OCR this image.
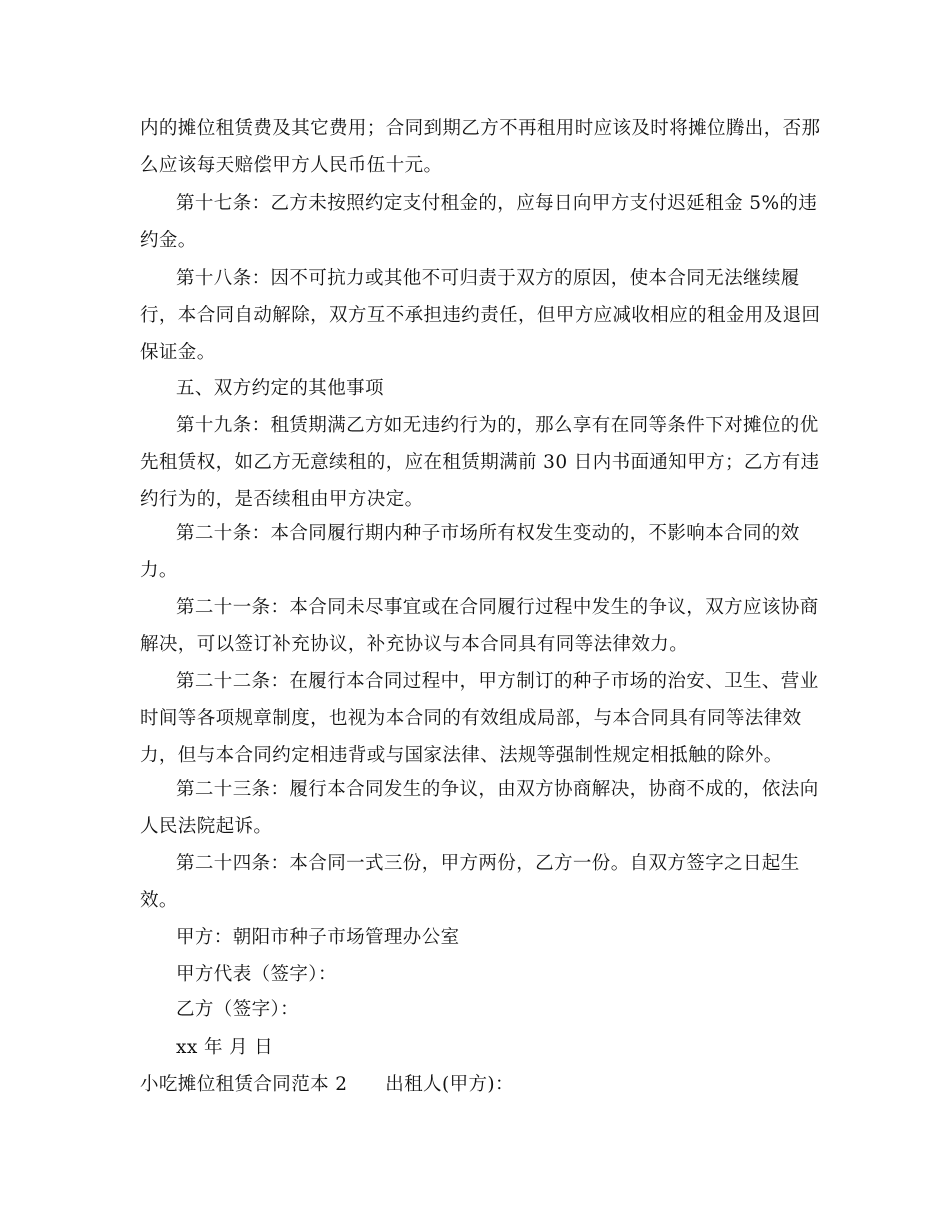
内的摊位租赁费及其它费用；合同到期乙方不再租用时应该及时将摊位腾出，否那
么应该每天赔偿甲方人民币伍十元。
第十七条：乙方未按照约定支付租金的，应每日向甲方支付迟延租金 5%的违
约金。
第十八条：因不可抗力或其他不可归责于双方的原因，使本合同无法继续履
行，本合同自动解除，双方互不承担违约责任，但甲方应减收相应的租金用及退回
保证金。
五、双方约定的其他事项
第十九条：租赁期满乙方如无违约行为的，那么享有在同等条件下对摊位的优
先租赁权，如乙方无意续租的，应在租赁期满前 30 日内书面通知甲方；乙方有违
约行为的，是否续租由甲方决定。
第二十条：本合同履行期内种子市场所有权发生变动的，不影响本合同的效
力。
第二十一条：本合同未尽事宜或在合同履行过程中发生的争议，双方应该协商
解决，可以签订补充协议，补充协议与本合同具有同等法律效力。
第二十二条：在履行本合同过程中，甲方制订的种子市场的治安、卫生、营业
时间等各项规章制度，也视为本合同的有效组成局部，与本合同具有同等法律效
力，但与本合同约定相违背或与国家法律、法规等强制性规定相抵触的除外。
第二十三条：履行本合同发生的争议，由双方协商解决，协商不成的，依法向
人民法院起诉。
第二十四条：本合同一式三份，甲方两份，乙方一份。自双方签字之日起生
效。
甲方：朝阳市种子市场管理办公室
甲方代表（签字）：
乙方（签字）：
xx 年 月 日
小吃摊位租赁合同范本 2　　出租人(甲方)：
